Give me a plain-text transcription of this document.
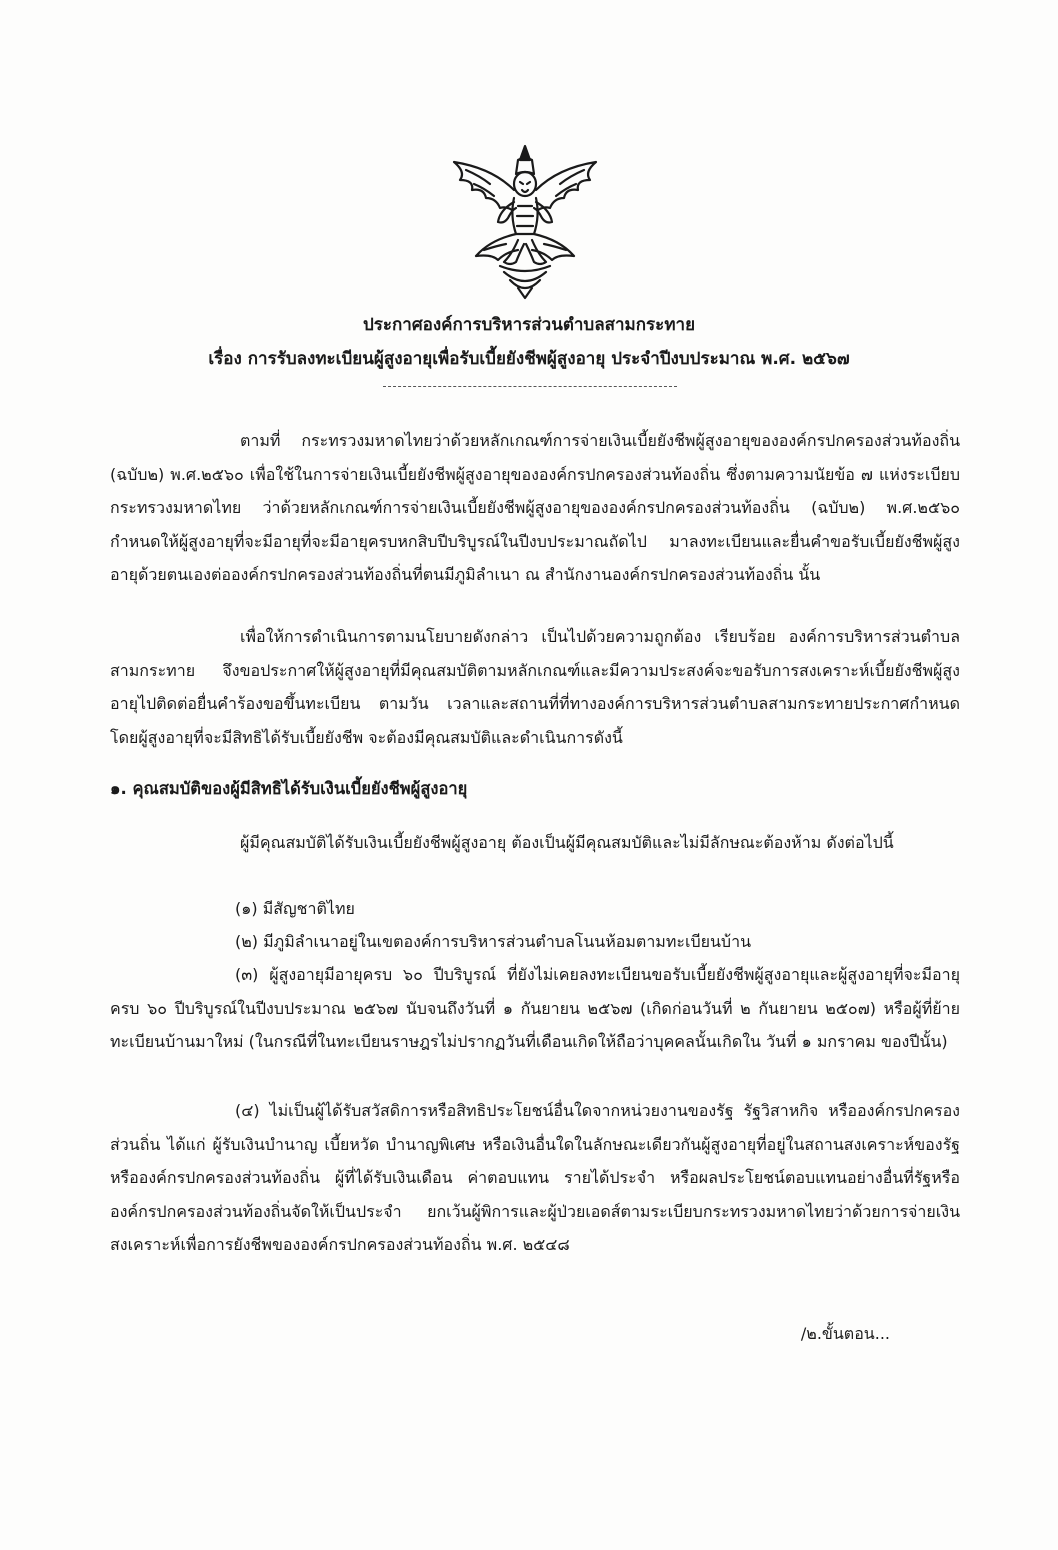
ประกาศองค์การบริหารส่วนตำบลสามกระทาย
เรื่อง การรับลงทะเบียนผู้สูงอายุเพื่อรับเบี้ยยังชีพผู้สูงอายุ ประจำปีงบประมาณ พ.ศ. ๒๕๖๗

ตามที่ กระทรวงมหาดไทยว่าด้วยหลักเกณฑ์การจ่ายเงินเบี้ยยังชีพผู้สูงอายุขององค์กรปกครองส่วนท้องถิ่น (ฉบับ๒) พ.ศ.๒๕๖๐ เพื่อใช้ในการจ่ายเงินเบี้ยยังชีพผู้สูงอายุขององค์กรปกครองส่วนท้องถิ่น ซึ่งตามความนัยข้อ ๗ แห่งระเบียบกระทรวงมหาดไทย ว่าด้วยหลักเกณฑ์การจ่ายเงินเบี้ยยังชีพผู้สูงอายุขององค์กรปกครองส่วนท้องถิ่น (ฉบับ๒) พ.ศ.๒๕๖๐ กำหนดให้ผู้สูงอายุที่จะมีอายุที่จะมีอายุครบหกสิบปีบริบูรณ์ในปีงบประมาณถัดไป มาลงทะเบียนและยื่นคำขอรับเบี้ยยังชีพผู้สูงอายุด้วยตนเองต่อองค์กรปกครองส่วนท้องถิ่นที่ตนมีภูมิลำเนา ณ สำนักงานองค์กรปกครองส่วนท้องถิ่น นั้น

เพื่อให้การดำเนินการตามนโยบายดังกล่าว เป็นไปด้วยความถูกต้อง เรียบร้อย องค์การบริหารส่วนตำบลสามกระทาย จึงขอประกาศให้ผู้สูงอายุที่มีคุณสมบัติตามหลักเกณฑ์และมีความประสงค์จะขอรับการสงเคราะห์เบี้ยยังชีพผู้สูงอายุไปติดต่อยื่นคำร้องขอขึ้นทะเบียน ตามวัน เวลาและสถานที่ที่ทางองค์การบริหารส่วนตำบลสามกระทายประกาศกำหนด โดยผู้สูงอายุที่จะมีสิทธิได้รับเบี้ยยังชีพ จะต้องมีคุณสมบัติและดำเนินการดังนี้

๑. คุณสมบัติของผู้มีสิทธิได้รับเงินเบี้ยยังชีพผู้สูงอายุ

ผู้มีคุณสมบัติได้รับเงินเบี้ยยังชีพผู้สูงอายุ ต้องเป็นผู้มีคุณสมบัติและไม่มีลักษณะต้องห้าม ดังต่อไปนี้

(๑) มีสัญชาติไทย

(๒) มีภูมิลำเนาอยู่ในเขตองค์การบริหารส่วนตำบลโนนห้อมตามทะเบียนบ้าน

(๓) ผู้สูงอายุมีอายุครบ ๖๐ ปีบริบูรณ์ ที่ยังไม่เคยลงทะเบียนขอรับเบี้ยยังชีพผู้สูงอายุและผู้สูงอายุที่จะมีอายุครบ ๖๐ ปีบริบูรณ์ในปีงบประมาณ ๒๕๖๗ นับจนถึงวันที่ ๑ กันยายน ๒๕๖๗ (เกิดก่อนวันที่ ๒ กันยายน ๒๕๐๗) หรือผู้ที่ย้ายทะเบียนบ้านมาใหม่ (ในกรณีที่ในทะเบียนราษฎรไม่ปรากฏวันที่เดือนเกิดให้ถือว่าบุคคลนั้นเกิดใน วันที่ ๑ มกราคม ของปีนั้น)

(๔) ไม่เป็นผู้ได้รับสวัสดิการหรือสิทธิประโยชน์อื่นใดจากหน่วยงานของรัฐ รัฐวิสาหกิจ หรือองค์กรปกครองส่วนถิ่น ได้แก่ ผู้รับเงินบำนาญ เบี้ยหวัด บำนาญพิเศษ หรือเงินอื่นใดในลักษณะเดียวกันผู้สูงอายุที่อยู่ในสถานสงเคราะห์ของรัฐหรือองค์กรปกครองส่วนท้องถิ่น ผู้ที่ได้รับเงินเดือน ค่าตอบแทน รายได้ประจำ หรือผลประโยชน์ตอบแทนอย่างอื่นที่รัฐหรือองค์กรปกครองส่วนท้องถิ่นจัดให้เป็นประจำ ยกเว้นผู้พิการและผู้ป่วยเอดส์ตามระเบียบกระทรวงมหาดไทยว่าด้วยการจ่ายเงินสงเคราะห์เพื่อการยังชีพขององค์กรปกครองส่วนท้องถิ่น พ.ศ. ๒๕๔๘

/๒.ขั้นตอน...
